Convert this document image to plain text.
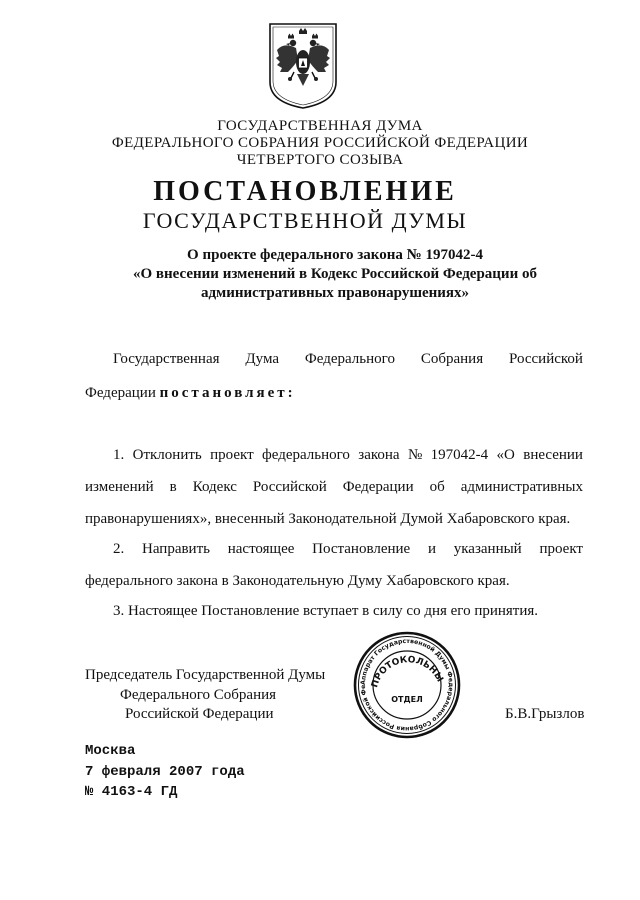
ГОСУДАРСТВЕННАЯ ДУМА
ФЕДЕРАЛЬНОГО СОБРАНИЯ РОССИЙСКОЙ ФЕДЕРАЦИИ
ЧЕТВЕРТОГО СОЗЫВА
ПОСТАНОВЛЕНИЕ
ГОСУДАРСТВЕННОЙ ДУМЫ
О проекте федерального закона № 197042-4
«О внесении изменений в Кодекс Российской Федерации об
административных правонарушениях»
Государственная Дума Федерального Собрания Российской
Федерации постановляет:
1. Отклонить проект федерального закона № 197042-4 «О внесении
изменений в Кодекс Российской Федерации об административных
правонарушениях», внесенный Законодательной Думой Хабаровского края.
2. Направить настоящее Постановление и указанный проект
федерального закона в Законодательную Думу Хабаровского края.
3. Настоящее Постановление вступает в силу со дня его принятия.
Аппарат Государственной Думы Федерального Собрания Российской Фе ПРОТОКОЛЬНЫ
ОТДЕЛ
Председатель Государственной Думы
Федерального Собрания
Российской Федерации	Б.В.Грызлов
Москва
7 февраля 2007 года
№ 4163-4 ГД
